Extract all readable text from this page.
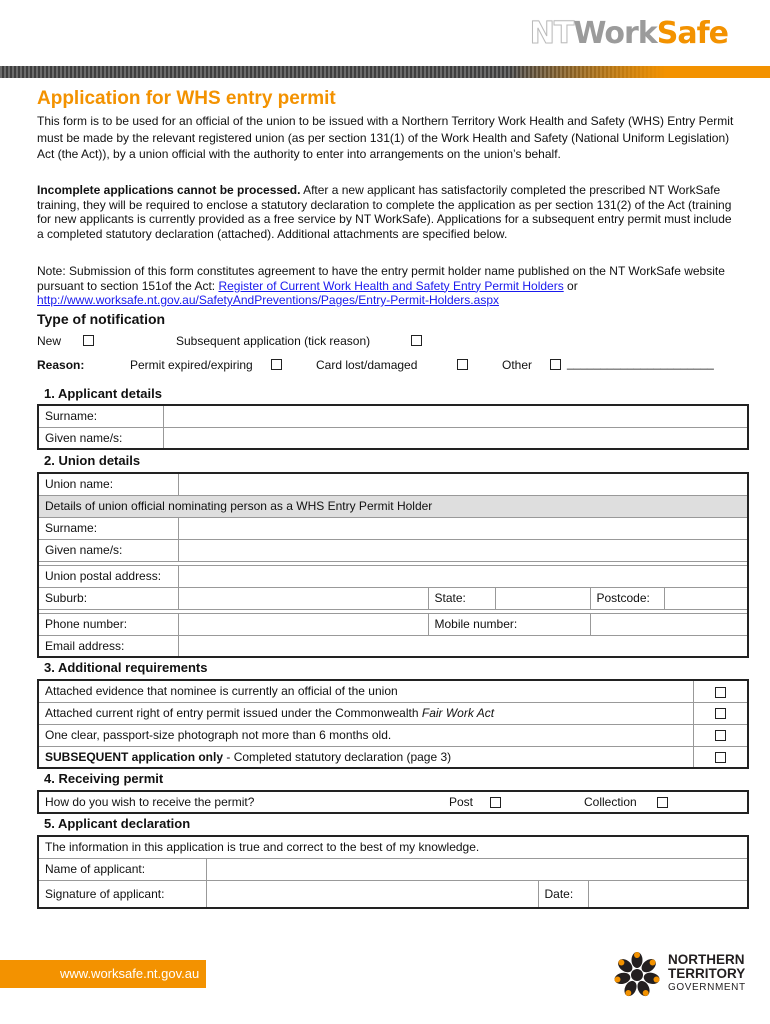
NTWorkSafe
Application for WHS entry permit
This form is to be used for an official of the union to be issued with a Northern Territory Work Health and Safety (WHS) Entry Permit must be made by the relevant registered union (as per section 131(1) of the Work Health and Safety (National Uniform Legislation) Act (the Act)), by a union official with the authority to enter into arrangements on the union’s behalf.
Incomplete applications cannot be processed. After a new applicant has satisfactorily completed the prescribed NT WorkSafe training, they will be required to enclose a statutory declaration to complete the application as per section 131(2) of the Act (training for new applicants is currently provided as a free service by NT WorkSafe). Applications for a subsequent entry permit must include a completed statutory declaration (attached). Additional attachments are specified below.
Note: Submission of this form constitutes agreement to have the entry permit holder name published on the NT WorkSafe website pursuant to section 151of the Act: Register of Current Work Health and Safety Entry Permit Holders or http://www.worksafe.nt.gov.au/SafetyAndPreventions/Pages/Entry-Permit-Holders.aspx
Type of notification
New	Subsequent application (tick reason)
Reason:	Permit expired/expiring	Card lost/damaged	Other	______________________
1. Applicant details
Surname:	
Given name/s:	
2. Union details
Union name:					
Details of union official nominating person as a WHS Entry Permit Holder					
Surname:					
Given name/s:					

Union postal address:					
Suburb:		State:		Postcode:	

Phone number:		Mobile number:			
Email address:					
3. Additional requirements
Attached evidence that nominee is currently an official of the union	
Attached current right of entry permit issued under the Commonwealth Fair Work Act	
One clear, passport-size photograph not more than 6 months old.	
SUBSEQUENT application only - Completed statutory declaration (page 3)	
4. Receiving permit
How do you wish to receive the permit?	Post	Collection
5. Applicant declaration
The information in this application is true and correct to the best of my knowledge.			
Name of applicant:			
Signature of applicant:		Date:	
www.worksafe.nt.gov.au
NORTHERN
TERRITORY
GOVERNMENT
